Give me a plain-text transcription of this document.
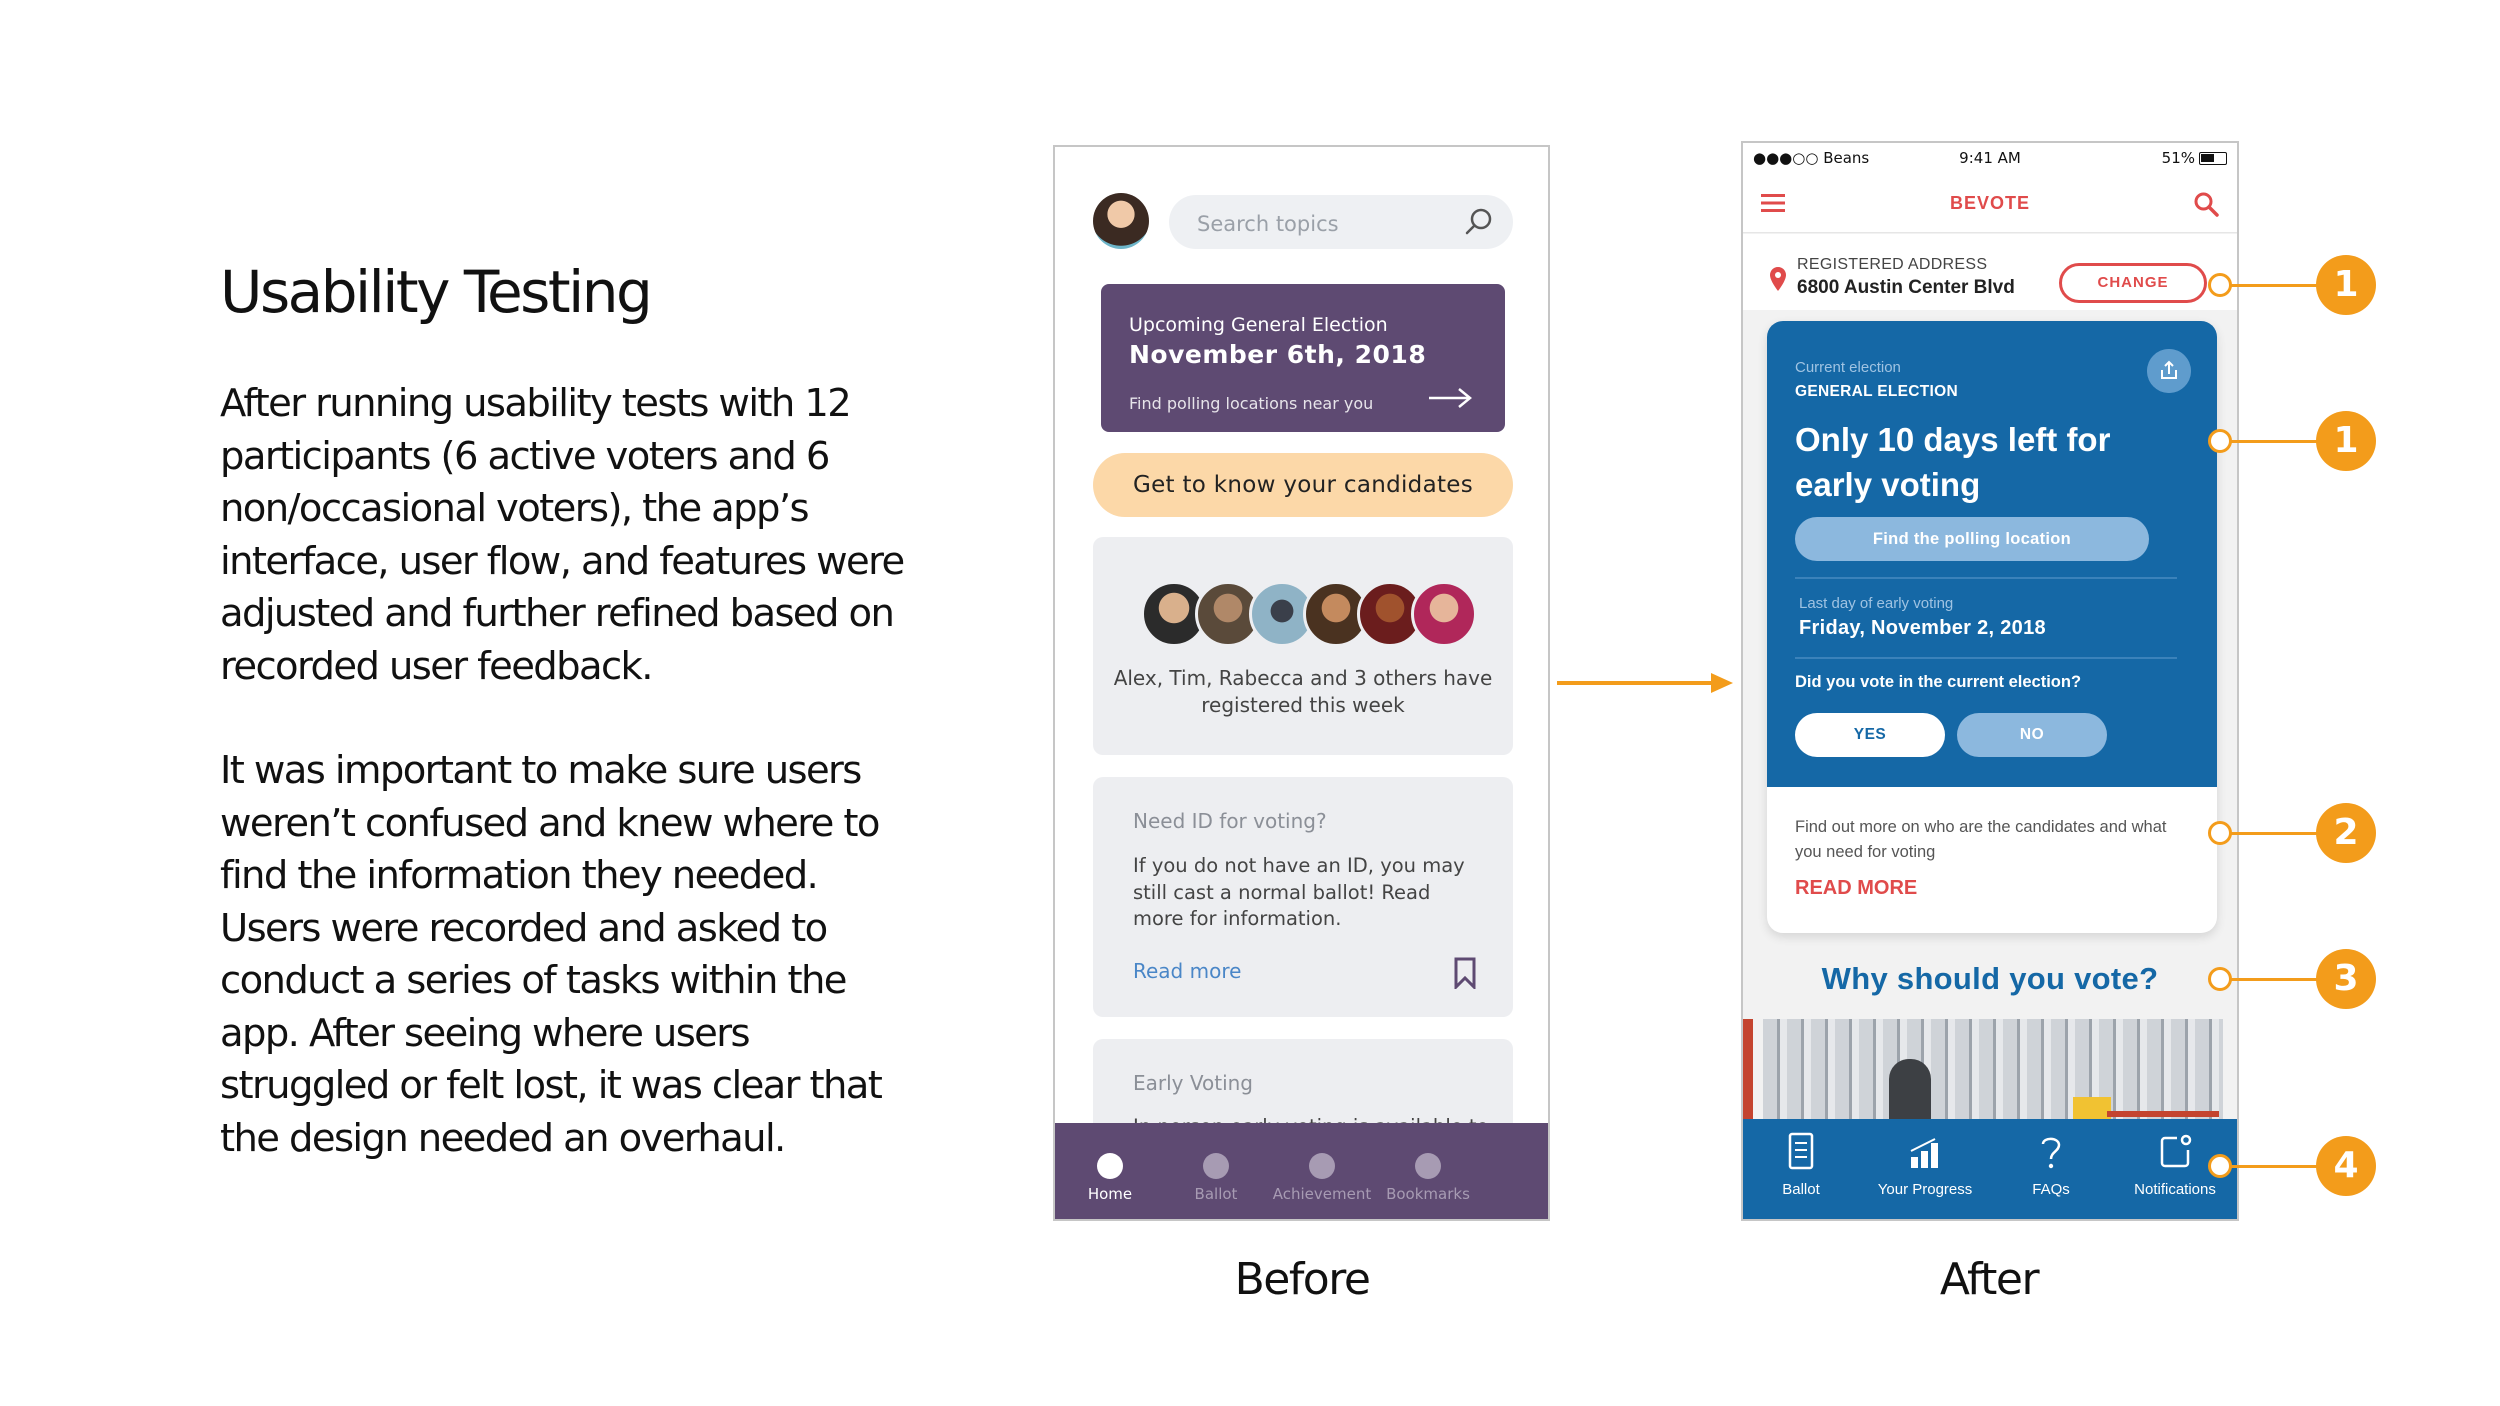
Usability Testing

After running usability tests with 12 participants (6 active voters and 6 non/occasional voters), the app’s interface, user flow, and features were adjusted and further refined based on recorded user feedback.

It was important to make sure users weren’t confused and knew where to find the information they needed. Users were recorded and asked to conduct a series of tasks within the app. After seeing where users struggled or felt lost, it was clear that the design needed an overhaul.

Search topics
Upcoming General Election
November 6th, 2018
Find polling locations near you
Get to know your candidates
Alex, Tim, Rabecca and 3 others have registered this week
Need ID for voting?
If you do not have an ID, you may still cast a normal ballot! Read more for information.
Read more
Early Voting
Home	Ballot	Achievement Bookmarks
Before
●●●○○ Beans	9:41 AM	51%
BEVOTE
REGISTERED ADDRESS
6800 Austin Center Blvd	CHANGE
Current election
GENERAL ELECTION
Only 10 days left for early voting
Find the polling location
Last day of early voting
Friday, November 2, 2018
Did you vote in the current election?
YES	NO
Find out more on who are the candidates and what you need for voting
READ MORE
Why should you vote?
Ballot	Your Progress	FAQs	Notifications
After
1
1
2
3
4
